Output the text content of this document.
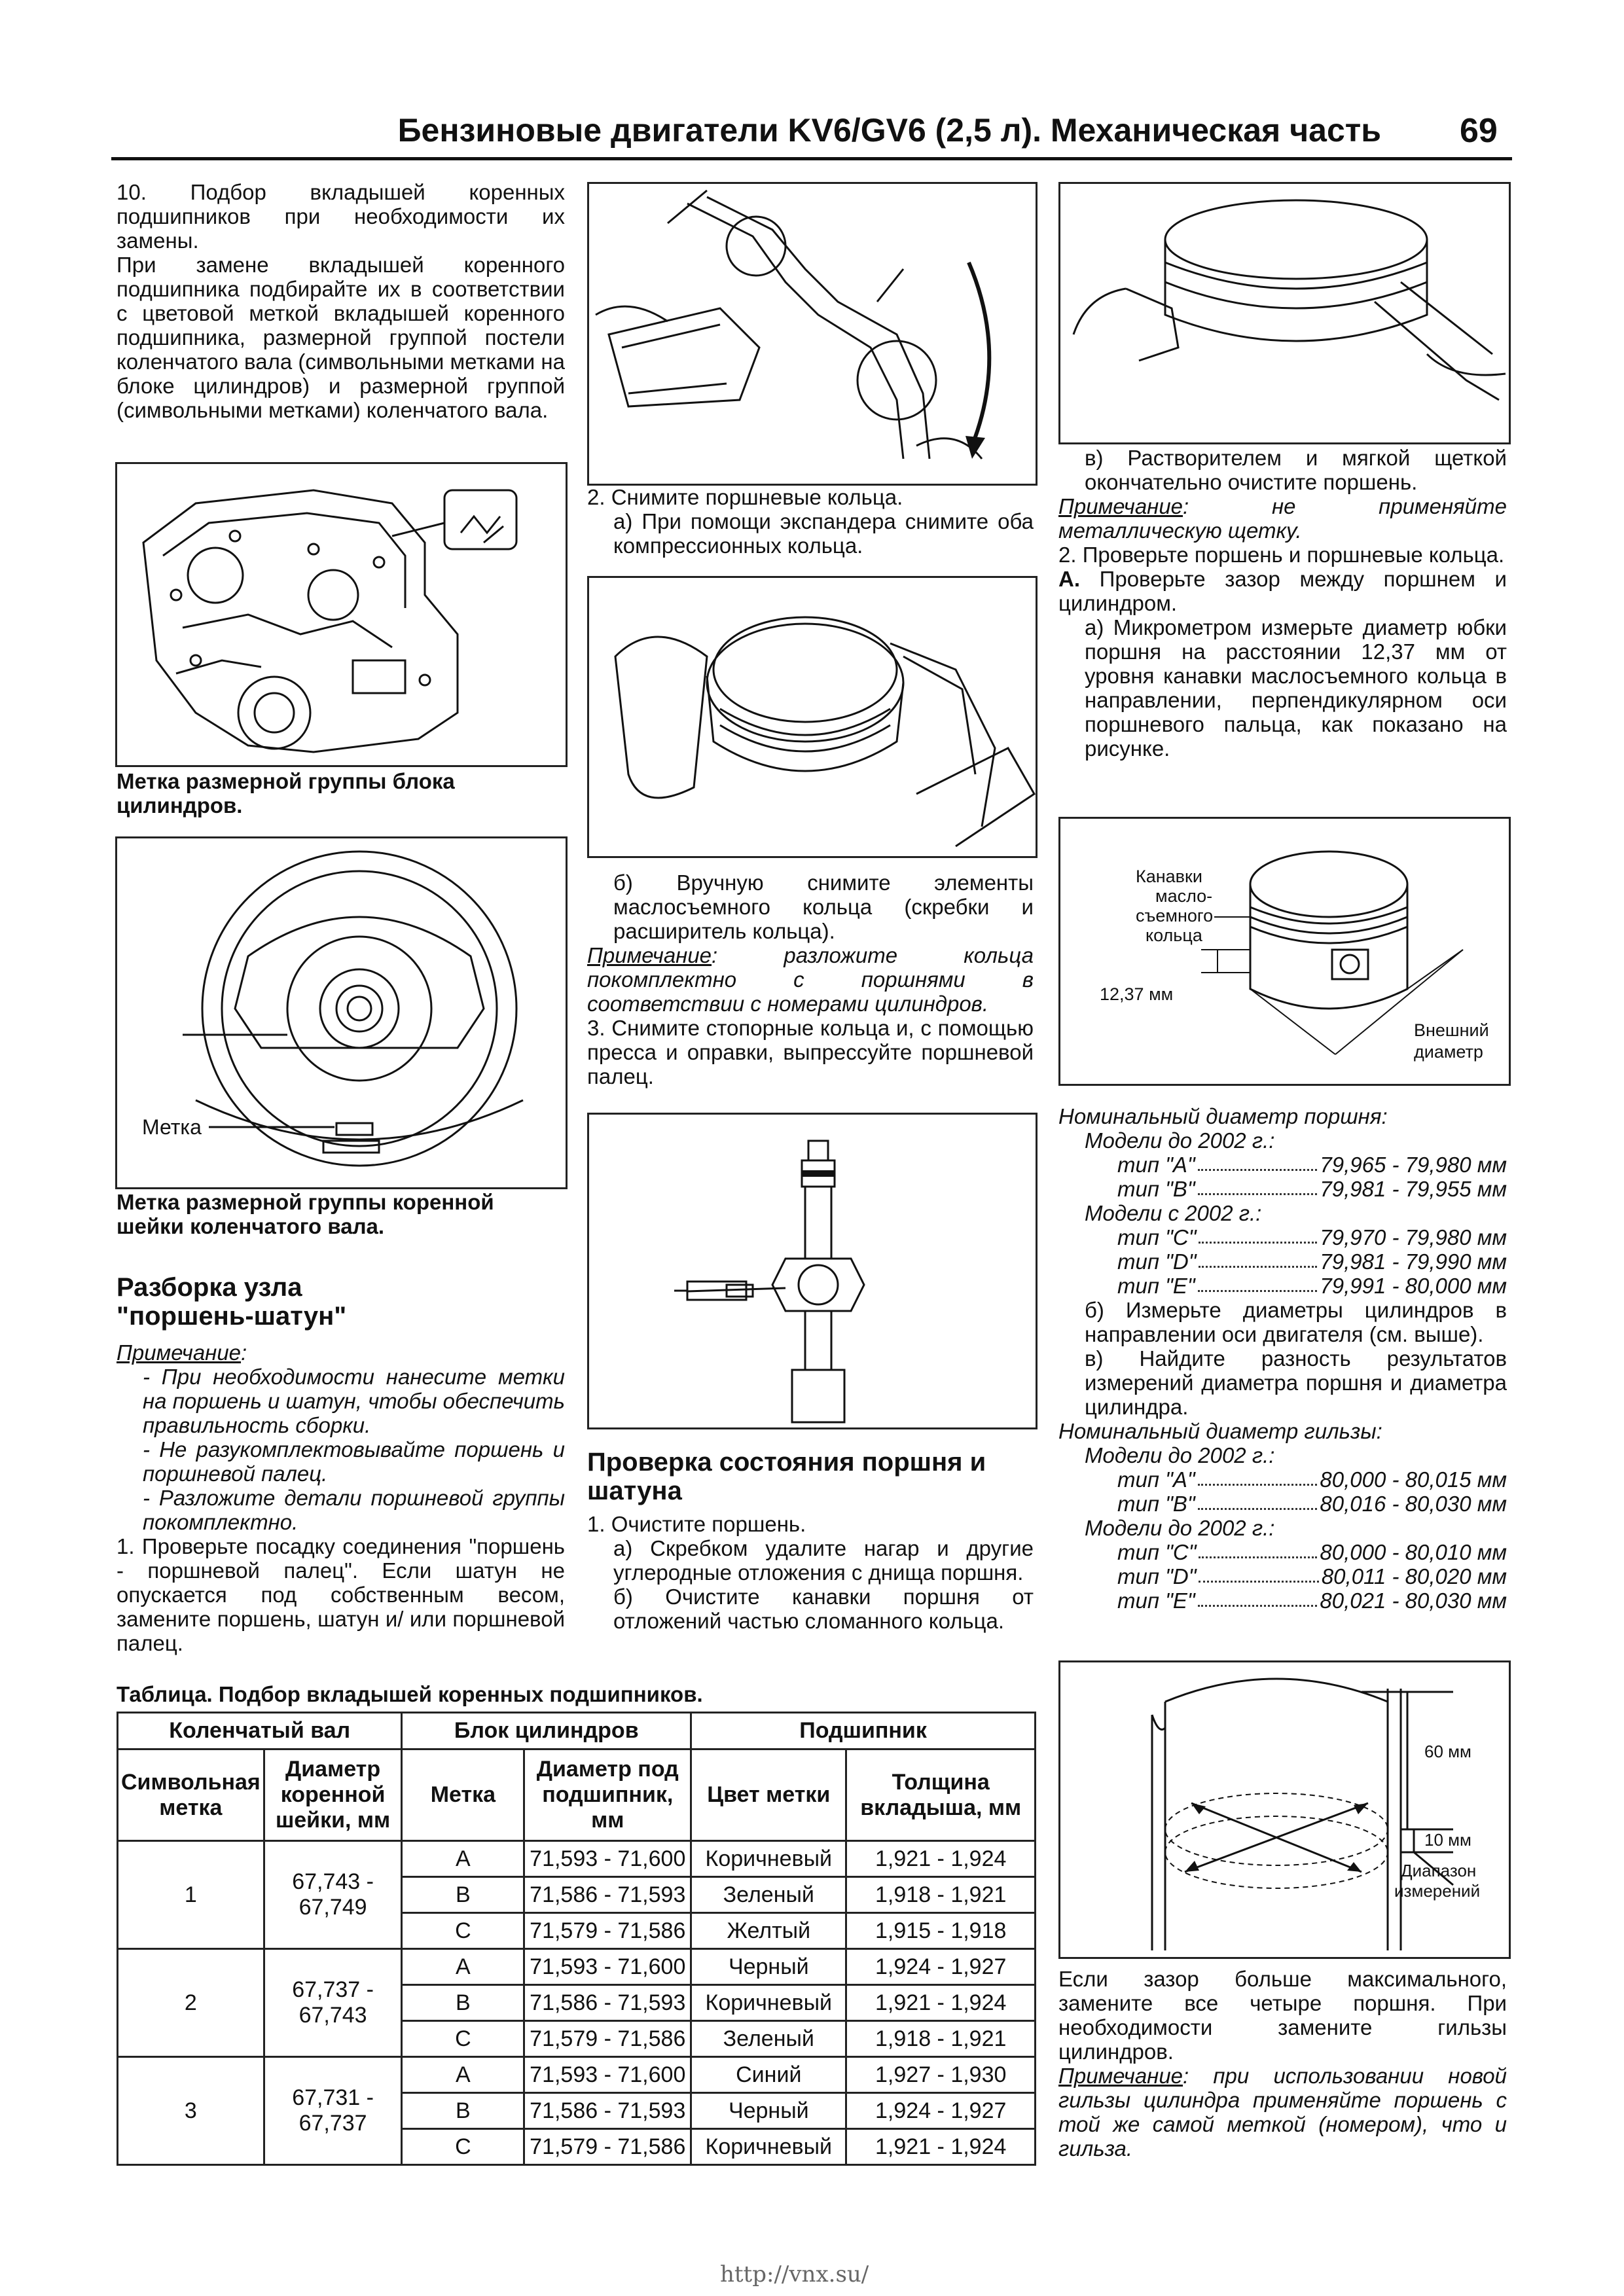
Бензиновые двигатели KV6/GV6 (2,5 л). Механическая часть 69

10. Подбор вкладышей коренных подшипников при необходимости их замены.

При замене вкладышей коренного подшипника подбирайте их в соответствии с цветовой меткой вкладышей коренного подшипника, размерной группой постели коленчатого вала (символьными метками на блоке цилиндров) и размерной группой (символьными метками) коленчатого вала.

Метка размерной группы блока цилиндров.
Метка
Метка размерной группы коренной шейки коленчатого вала.
Разборка узла
"поршень-шатун"

Примечание:

- При необходимости нанесите метки на поршень и шатун, чтобы обеспечить правильность сборки.

- Не разукомплектовывайте поршень и поршневой палец.

- Разложите детали поршневой группы покомплектно.

1. Проверьте посадку соединения "поршень - поршневой палец". Если шатун не опускается под собственным весом, замените поршень, шатун и/ или поршневой палец.

2. Снимите поршневые кольца.

а) При помощи экспандера снимите оба компрессионных кольца.

б) Вручную снимите элементы маслосъемного кольца (скребки и расширитель кольца).

Примечание: разложите кольца покомплектно с поршнями в соответствии с номерами цилиндров.

3. Снимите стопорные кольца и, с помощью пресса и оправки, выпрессуйте поршневой палец.

Проверка состояния поршня и шатуна

1. Очистите поршень.

а) Скребком удалите нагар и другие углеродные отложения с днища поршня.

б) Очистите канавки поршня от отложений частью сломанного кольца.

в) Растворителем и мягкой щеткой окончательно очистите поршень.

Примечание: не применяйте металлическую щетку.

2. Проверьте поршень и поршневые кольца.

А. Проверьте зазор между поршнем и цилиндром.

а) Микрометром измерьте диаметр юбки поршня на расстоянии 12,37 мм от уровня канавки маслосъемного кольца в направлении, перпендикулярном оси поршневого пальца, как показано на рисунке.

Канавки
масло-
съемного
кольца
12,37 мм
Внешний
диаметр

Номинальный диаметр поршня:

Модели до 2002 г.:

тип "А"	79,965 - 79,980 мм
тип "В"	79,981 - 79,955 мм

Модели с 2002 г.:

тип "С"	79,970 - 79,980 мм
тип "D"	79,981 - 79,990 мм
тип "Е"	79,991 - 80,000 мм

б) Измерьте диаметры цилиндров в направлении оси двигателя (см. выше).

в) Найдите разность результатов измерений диаметра поршня и диаметра цилиндра.

Номинальный диаметр гильзы:

Модели до 2002 г.:

тип "А"	80,000 - 80,015 мм
тип "В"	80,016 - 80,030 мм

Модели до 2002 г.:

тип "С"	80,000 - 80,010 мм
тип "D"	80,011 - 80,020 мм
тип "Е"	80,021 - 80,030 мм
60 мм
10 мм
Диапазон
измерений

Если зазор больше максимального, замените все четыре поршня. При необходимости замените гильзы цилиндров.

Примечание: при использовании новой гильзы цилиндра применяйте поршень с той же самой меткой (номером), что и гильза.

Таблица. Подбор вкладышей коренных подшипников.
Коленчатый вал		Блок цилиндров		Подшипник	
Символьная метка	Диаметр коренной шейки, мм	Метка	Диаметр под подшипник, мм	Цвет метки	Толщина вкладыша, мм
1	67,743 -
67,749	А	71,593 - 71,600	Коричневый	1,921 - 1,924
		В	71,586 - 71,593	Зеленый	1,918 - 1,921
		С	71,579 - 71,586	Желтый	1,915 - 1,918
2	67,737 -
67,743	А	71,593 - 71,600	Черный	1,924 - 1,927
		В	71,586 - 71,593	Коричневый	1,921 - 1,924
		С	71,579 - 71,586	Зеленый	1,918 - 1,921
3	67,731 -
67,737	А	71,593 - 71,600	Синий	1,927 - 1,930
		В	71,586 - 71,593	Черный	1,924 - 1,927
		С	71,579 - 71,586	Коричневый	1,921 - 1,924
http://vnx.su/
